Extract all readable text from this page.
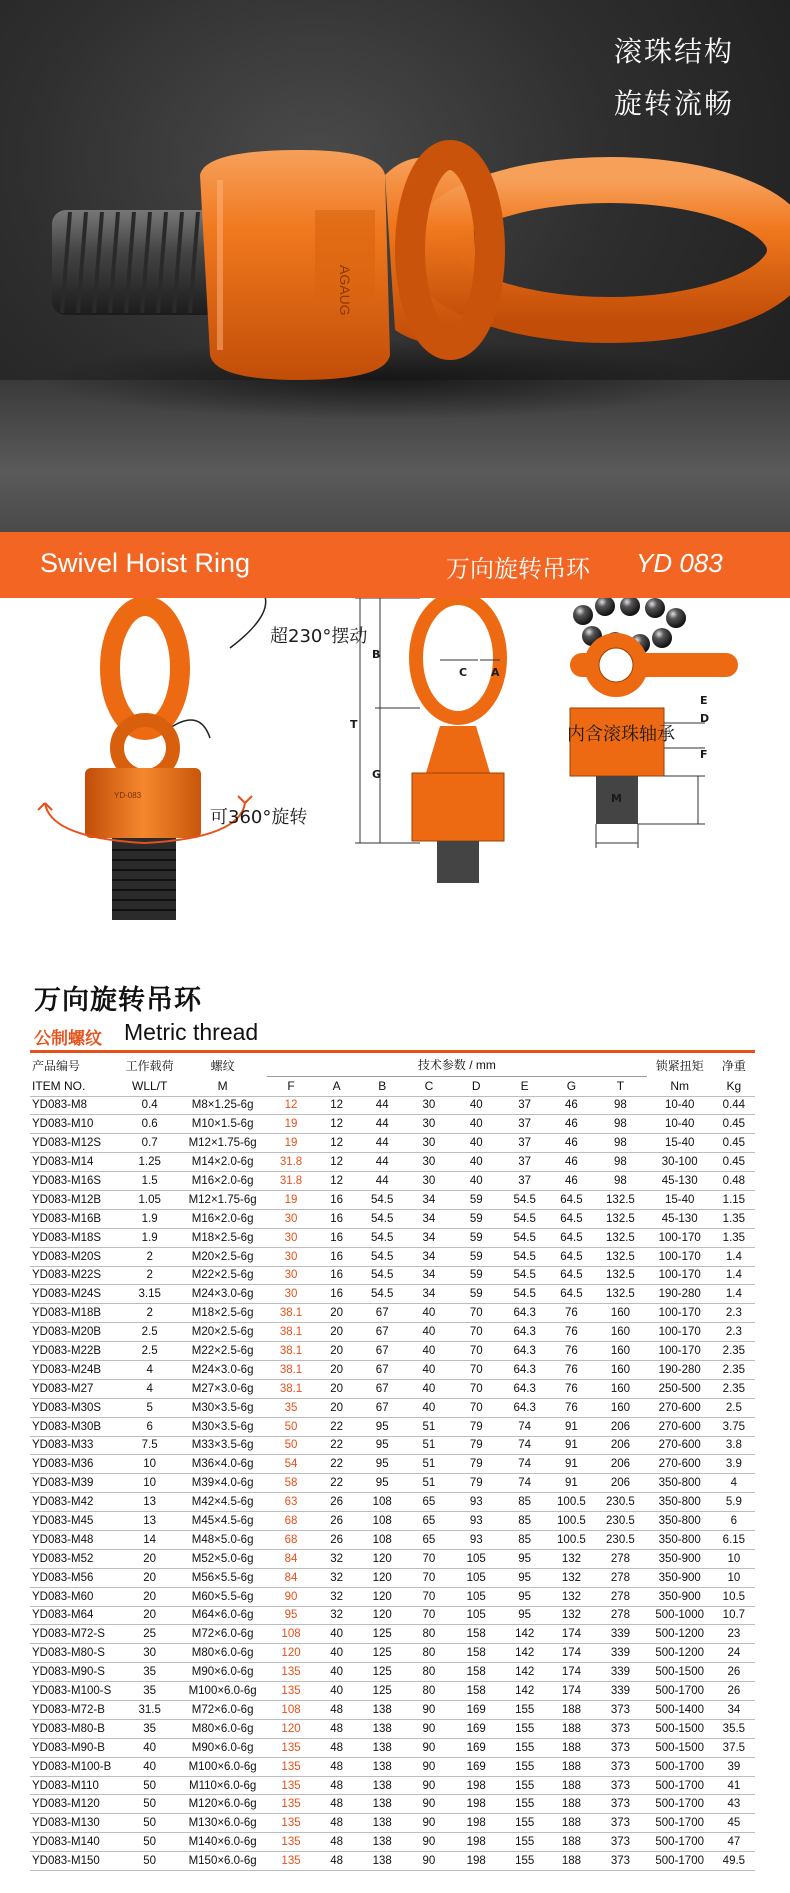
AGAUG
滚珠结构
旋转流畅
Swivel Hoist Ring	万向旋转吊环 YD 083
YD-083
C A
B
T
G
E
D
F
M
超230°摆动
可360°旋转
内含滚珠轴承
万向旋转吊环
公制螺纹 Metric thread
产品编号	工作载荷	螺纹	技术参数 / mm								锁紧扭矩	净重
ITEM NO.	WLL/T	M	F	A	B	C	D	E	G	T	Nm	Kg
YD083-M8	0.4	M8×1.25-6g	12	12	44	30	40	37	46	98	10-40	0.44
YD083-M10	0.6	M10×1.5-6g	19	12	44	30	40	37	46	98	10-40	0.45
YD083-M12S	0.7	M12×1.75-6g	19	12	44	30	40	37	46	98	15-40	0.45
YD083-M14	1.25	M14×2.0-6g	31.8	12	44	30	40	37	46	98	30-100	0.45
YD083-M16S	1.5	M16×2.0-6g	31.8	12	44	30	40	37	46	98	45-130	0.48
YD083-M12B	1.05	M12×1.75-6g	19	16	54.5	34	59	54.5	64.5	132.5	15-40	1.15
YD083-M16B	1.9	M16×2.0-6g	30	16	54.5	34	59	54.5	64.5	132.5	45-130	1.35
YD083-M18S	1.9	M18×2.5-6g	30	16	54.5	34	59	54.5	64.5	132.5	100-170	1.35
YD083-M20S	2	M20×2.5-6g	30	16	54.5	34	59	54.5	64.5	132.5	100-170	1.4
YD083-M22S	2	M22×2.5-6g	30	16	54.5	34	59	54.5	64.5	132.5	100-170	1.4
YD083-M24S	3.15	M24×3.0-6g	30	16	54.5	34	59	54.5	64.5	132.5	190-280	1.4
YD083-M18B	2	M18×2.5-6g	38.1	20	67	40	70	64.3	76	160	100-170	2.3
YD083-M20B	2.5	M20×2.5-6g	38.1	20	67	40	70	64.3	76	160	100-170	2.3
YD083-M22B	2.5	M22×2.5-6g	38.1	20	67	40	70	64.3	76	160	100-170	2.35
YD083-M24B	4	M24×3.0-6g	38.1	20	67	40	70	64.3	76	160	190-280	2.35
YD083-M27	4	M27×3.0-6g	38.1	20	67	40	70	64.3	76	160	250-500	2.35
YD083-M30S	5	M30×3.5-6g	35	20	67	40	70	64.3	76	160	270-600	2.5
YD083-M30B	6	M30×3.5-6g	50	22	95	51	79	74	91	206	270-600	3.75
YD083-M33	7.5	M33×3.5-6g	50	22	95	51	79	74	91	206	270-600	3.8
YD083-M36	10	M36×4.0-6g	54	22	95	51	79	74	91	206	270-600	3.9
YD083-M39	10	M39×4.0-6g	58	22	95	51	79	74	91	206	350-800	4
YD083-M42	13	M42×4.5-6g	63	26	108	65	93	85	100.5	230.5	350-800	5.9
YD083-M45	13	M45×4.5-6g	68	26	108	65	93	85	100.5	230.5	350-800	6
YD083-M48	14	M48×5.0-6g	68	26	108	65	93	85	100.5	230.5	350-800	6.15
YD083-M52	20	M52×5.0-6g	84	32	120	70	105	95	132	278	350-900	10
YD083-M56	20	M56×5.5-6g	84	32	120	70	105	95	132	278	350-900	10
YD083-M60	20	M60×5.5-6g	90	32	120	70	105	95	132	278	350-900	10.5
YD083-M64	20	M64×6.0-6g	95	32	120	70	105	95	132	278	500-1000	10.7
YD083-M72-S	25	M72×6.0-6g	108	40	125	80	158	142	174	339	500-1200	23
YD083-M80-S	30	M80×6.0-6g	120	40	125	80	158	142	174	339	500-1200	24
YD083-M90-S	35	M90×6.0-6g	135	40	125	80	158	142	174	339	500-1500	26
YD083-M100-S	35	M100×6.0-6g	135	40	125	80	158	142	174	339	500-1700	26
YD083-M72-B	31.5	M72×6.0-6g	108	48	138	90	169	155	188	373	500-1400	34
YD083-M80-B	35	M80×6.0-6g	120	48	138	90	169	155	188	373	500-1500	35.5
YD083-M90-B	40	M90×6.0-6g	135	48	138	90	169	155	188	373	500-1500	37.5
YD083-M100-B	40	M100×6.0-6g	135	48	138	90	169	155	188	373	500-1700	39
YD083-M110	50	M110×6.0-6g	135	48	138	90	198	155	188	373	500-1700	41
YD083-M120	50	M120×6.0-6g	135	48	138	90	198	155	188	373	500-1700	43
YD083-M130	50	M130×6.0-6g	135	48	138	90	198	155	188	373	500-1700	45
YD083-M140	50	M140×6.0-6g	135	48	138	90	198	155	188	373	500-1700	47
YD083-M150	50	M150×6.0-6g	135	48	138	90	198	155	188	373	500-1700	49.5
